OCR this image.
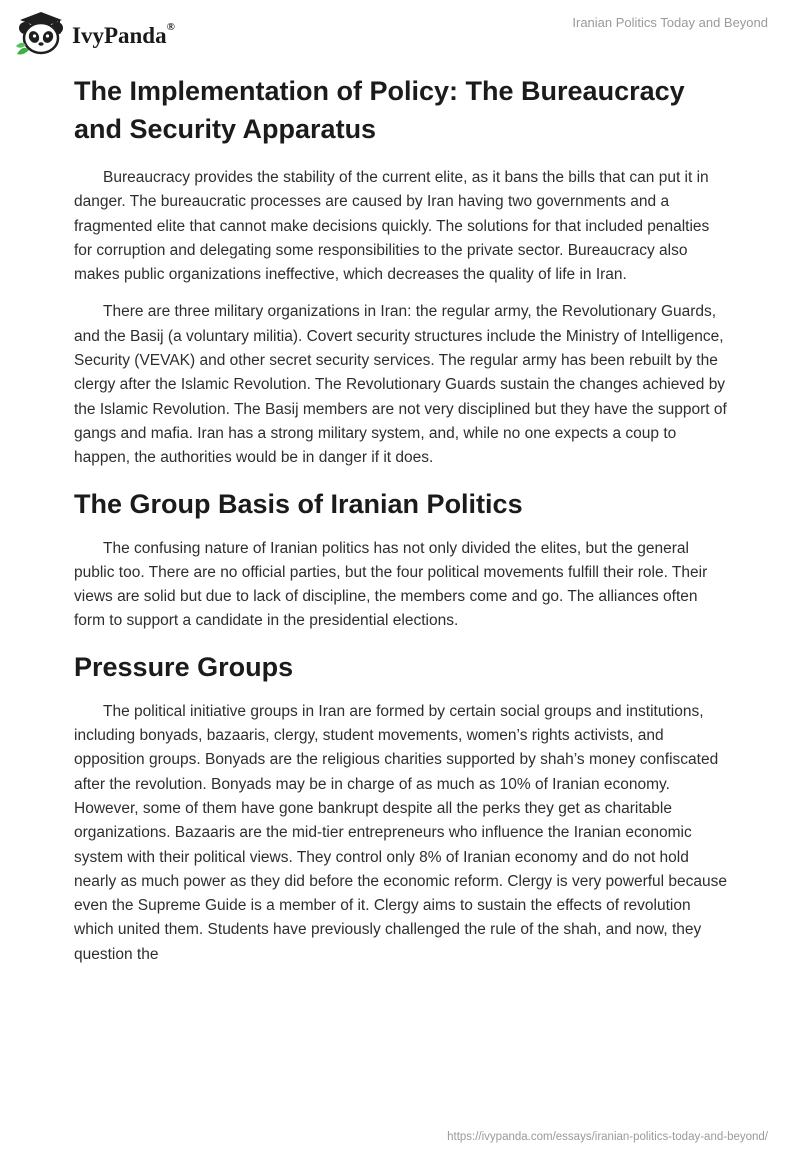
IvyPanda®	Iranian Politics Today and Beyond
The Implementation of Policy: The Bureaucracy and Security Apparatus

Bureaucracy provides the stability of the current elite, as it bans the bills that can put it in danger. The bureaucratic processes are caused by Iran having two governments and a fragmented elite that cannot make decisions quickly. The solutions for that included penalties for corruption and delegating some responsibilities to the private sector. Bureaucracy also makes public organizations ineffective, which decreases the quality of life in Iran.

There are three military organizations in Iran: the regular army, the Revolutionary Guards, and the Basij (a voluntary militia). Covert security structures include the Ministry of Intelligence, Security (VEVAK) and other secret security services. The regular army has been rebuilt by the clergy after the Islamic Revolution. The Revolutionary Guards sustain the changes achieved by the Islamic Revolution. The Basij members are not very disciplined but they have the support of gangs and mafia. Iran has a strong military system, and, while no one expects a coup to happen, the authorities would be in danger if it does.

The Group Basis of Iranian Politics

The confusing nature of Iranian politics has not only divided the elites, but the general public too. There are no official parties, but the four political movements fulfill their role. Their views are solid but due to lack of discipline, the members come and go. The alliances often form to support a candidate in the presidential elections.

Pressure Groups

The political initiative groups in Iran are formed by certain social groups and institutions, including bonyads, bazaaris, clergy, student movements, women’s rights activists, and opposition groups. Bonyads are the religious charities supported by shah’s money confiscated after the revolution. Bonyads may be in charge of as much as 10% of Iranian economy. However, some of them have gone bankrupt despite all the perks they get as charitable organizations. Bazaaris are the mid-tier entrepreneurs who influence the Iranian economic system with their political views. They control only 8% of Iranian economy and do not hold nearly as much power as they did before the economic reform. Clergy is very powerful because even the Supreme Guide is a member of it. Clergy aims to sustain the effects of revolution which united them. Students have previously challenged the rule of the shah, and now, they question the

https://ivypanda.com/essays/iranian-politics-today-and-beyond/
